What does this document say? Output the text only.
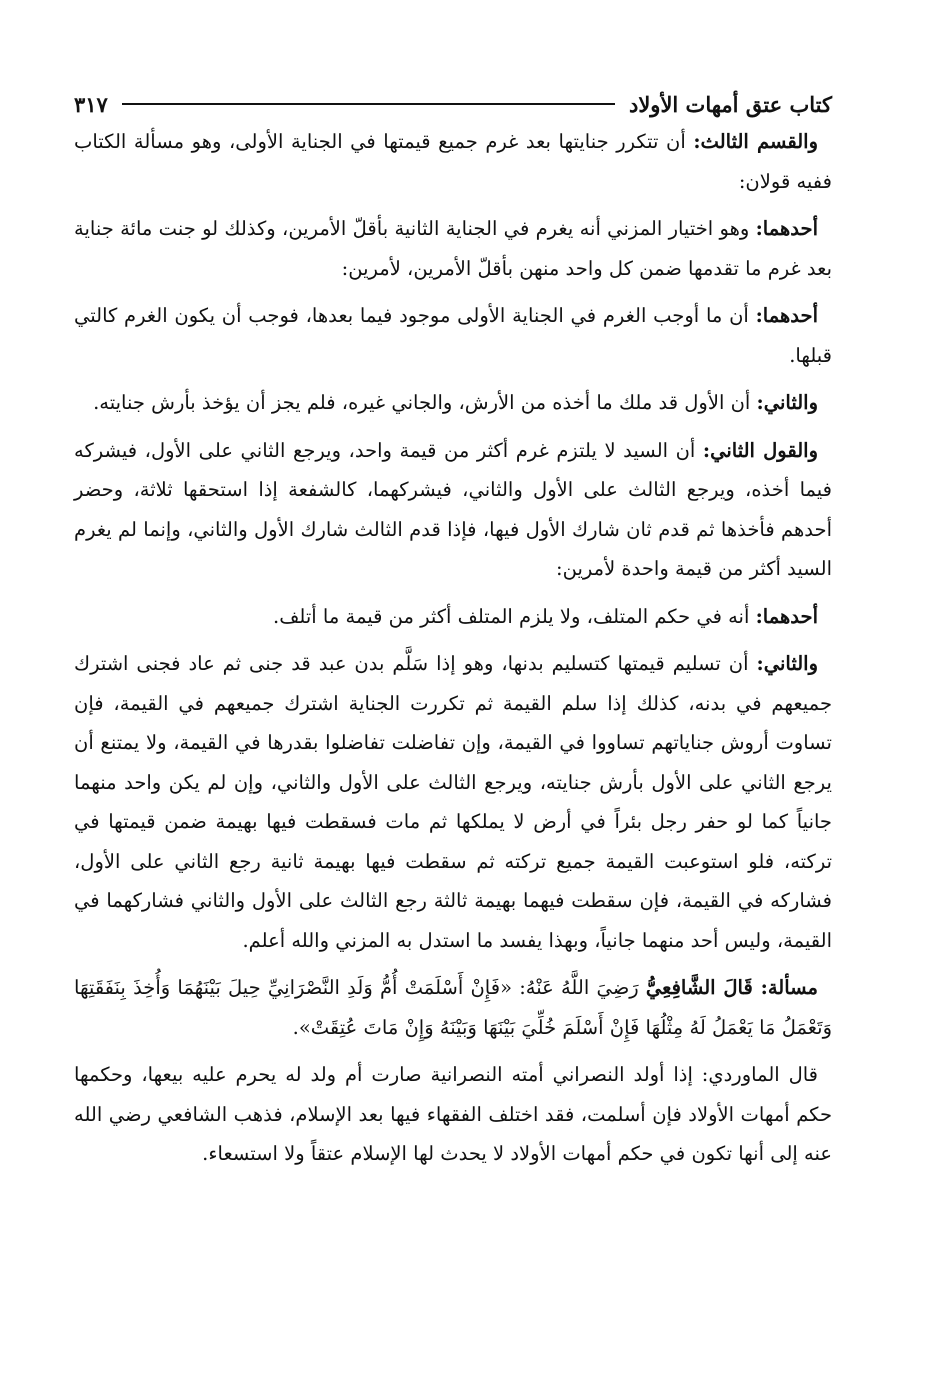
كتاب عتق أمهات الأولاد
٣١٧

والقسم الثالث: أن تتكرر جنايتها بعد غرم جميع قيمتها في الجناية الأولى، وهو مسألة الكتاب ففيه قولان:

أحدهما: وهو اختيار المزني أنه يغرم في الجناية الثانية بأقلّ الأمرين، وكذلك لو جنت مائة جناية بعد غرم ما تقدمها ضمن كل واحد منهن بأقلّ الأمرين، لأمرين:

أحدهما: أن ما أوجب الغرم في الجناية الأولى موجود فيما بعدها، فوجب أن يكون الغرم كالتي قبلها.

والثاني: أن الأول قد ملك ما أخذه من الأرش، والجاني غيره، فلم يجز أن يؤخذ بأرش جنايته.

والقول الثاني: أن السيد لا يلتزم غرم أكثر من قيمة واحد، ويرجع الثاني على الأول، فيشركه فيما أخذه، ويرجع الثالث على الأول والثاني، فيشركهما، كالشفعة إذا استحقها ثلاثة، وحضر أحدهم فأخذها ثم قدم ثان شارك الأول فيها، فإذا قدم الثالث شارك الأول والثاني، وإنما لم يغرم السيد أكثر من قيمة واحدة لأمرين:

أحدهما: أنه في حكم المتلف، ولا يلزم المتلف أكثر من قيمة ما أتلف.

والثاني: أن تسليم قيمتها كتسليم بدنها، وهو إذا سَلَّم بدن عبد قد جنى ثم عاد فجنى اشترك جميعهم في بدنه، كذلك إذا سلم القيمة ثم تكررت الجناية اشترك جميعهم في القيمة، فإن تساوت أروش جناياتهم تساووا في القيمة، وإن تفاضلت تفاضلوا بقدرها في القيمة، ولا يمتنع أن يرجع الثاني على الأول بأرش جنايته، ويرجع الثالث على الأول والثاني، وإن لم يكن واحد منهما جانياً كما لو حفر رجل بئراً في أرض لا يملكها ثم مات فسقطت فيها بهيمة ضمن قيمتها في تركته، فلو استوعبت القيمة جميع تركته ثم سقطت فيها بهيمة ثانية رجع الثاني على الأول، فشاركه في القيمة، فإن سقطت فيهما بهيمة ثالثة رجع الثالث على الأول والثاني فشاركهما في القيمة، وليس أحد منهما جانياً، وبهذا يفسد ما استدل به المزني والله أعلم.

مسألة: قَالَ الشَّافِعِيُّ رَضِيَ اللَّهُ عَنْهُ: «فَإِنْ أَسْلَمَتْ أُمُّ وَلَدِ النَّصْرَانِيِّ حِيلَ بَيْنَهُمَا وَأُخِذَ بِنَفَقَتِهَا وَتَعْمَلُ مَا يَعْمَلُ لَهُ مِثْلُهَا فَإِنْ أَسْلَمَ خُلِّيَ بَيْنَهَا وَبَيْنَهُ وَإِنْ مَاتَ عُتِقَتْ».

قال الماوردي: إذا أولد النصراني أمته النصرانية صارت أم ولد له يحرم عليه بيعها، وحكمها حكم أمهات الأولاد فإن أسلمت، فقد اختلف الفقهاء فيها بعد الإسلام، فذهب الشافعي رضي الله عنه إلى أنها تكون في حكم أمهات الأولاد لا يحدث لها الإسلام عتقاً ولا استسعاء.
